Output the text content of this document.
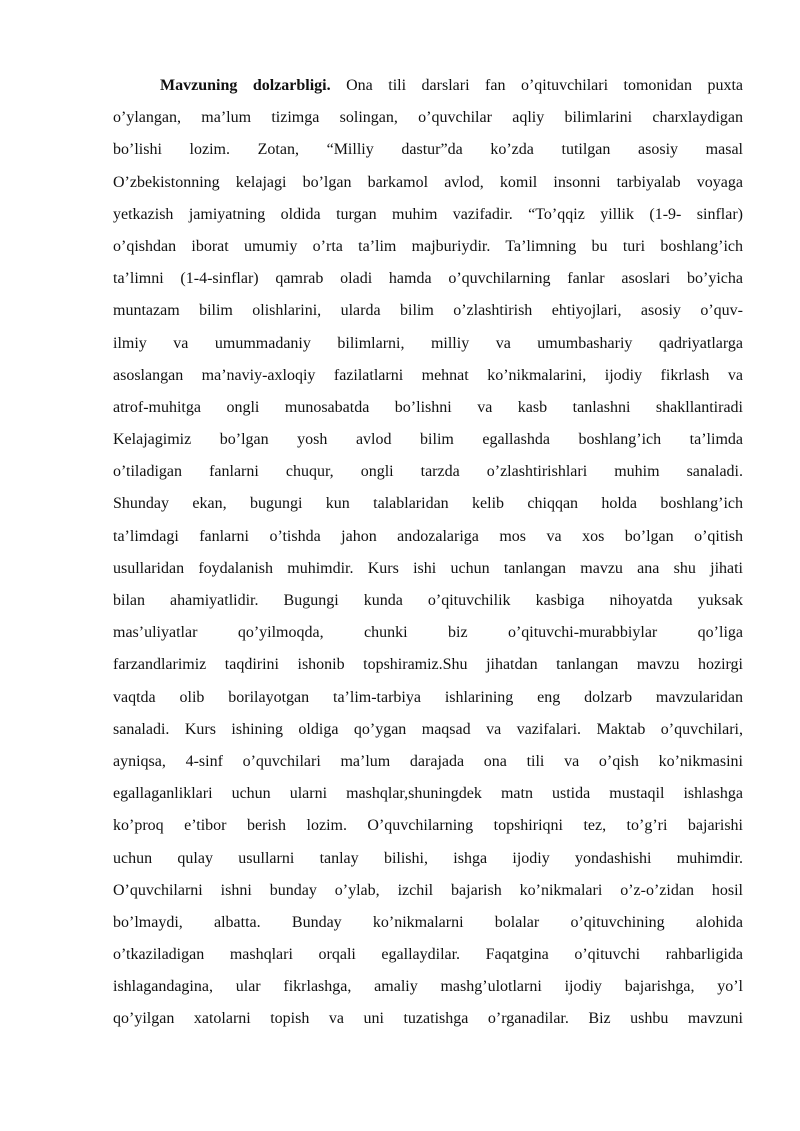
Mavzuning dolzarbligi. Ona tili darslari fan o’qituvchilari tomonidan puxta
o’ylangan, ma’lum tizimga solingan, o’quvchilar aqliy bilimlarini charxlaydigan
bo’lishi lozim. Zotan, “Milliy dastur”da ko’zda tutilgan asosiy masal
O’zbekistonning kelajagi bo’lgan barkamol avlod, komil insonni tarbiyalab voyaga
yetkazish jamiyatning oldida turgan muhim vazifadir. “To’qqiz yillik (1-9- sinflar)
o’qishdan iborat umumiy o’rta ta’lim majburiydir. Ta’limning bu turi boshlang’ich
ta’limni (1-4-sinflar) qamrab oladi hamda o’quvchilarning fanlar asoslari bo’yicha
muntazam bilim olishlarini, ularda bilim o’zlashtirish ehtiyojlari, asosiy o’quv-
ilmiy va umummadaniy bilimlarni, milliy va umumbashariy qadriyatlarga
asoslangan ma’naviy-axloqiy fazilatlarni mehnat ko’nikmalarini, ijodiy fikrlash va
atrof-muhitga ongli munosabatda bo’lishni va kasb tanlashni shakllantiradi
Kelajagimiz bo’lgan yosh avlod bilim egallashda boshlang’ich ta’limda
o’tiladigan fanlarni chuqur, ongli tarzda o’zlashtirishlari muhim sanaladi.
Shunday ekan, bugungi kun talablaridan kelib chiqqan holda boshlang’ich
ta’limdagi fanlarni o’tishda jahon andozalariga mos va xos bo’lgan o’qitish
usullaridan foydalanish muhimdir. Kurs ishi uchun tanlangan mavzu ana shu jihati
bilan ahamiyatlidir. Bugungi kunda o’qituvchilik kasbiga nihoyatda yuksak
mas’uliyatlar qo’yilmoqda, chunki biz o’qituvchi-murabbiylar qo’liga
farzandlarimiz taqdirini ishonib topshiramiz.Shu jihatdan tanlangan mavzu hozirgi
vaqtda olib borilayotgan ta’lim-tarbiya ishlarining eng dolzarb mavzularidan
sanaladi. Kurs ishining oldiga qo’ygan maqsad va vazifalari. Maktab o’quvchilari,
ayniqsa, 4-sinf o’quvchilari ma’lum darajada ona tili va o’qish ko’nikmasini
egallaganliklari uchun ularni mashqlar,shuningdek matn ustida mustaqil ishlashga
ko’proq e’tibor berish lozim. O’quvchilarning topshiriqni tez, to’g’ri bajarishi
uchun qulay usullarni tanlay bilishi, ishga ijodiy yondashishi muhimdir.
O’quvchilarni ishni bunday o’ylab, izchil bajarish ko’nikmalari o’z-o’zidan hosil
bo’lmaydi, albatta. Bunday ko’nikmalarni bolalar o’qituvchining alohida
o’tkaziladigan mashqlari orqali egallaydilar. Faqatgina o’qituvchi rahbarligida
ishlagandagina, ular fikrlashga, amaliy mashg’ulotlarni ijodiy bajarishga, yo’l
qo’yilgan xatolarni topish va uni tuzatishga o’rganadilar. Biz ushbu mavzuni
